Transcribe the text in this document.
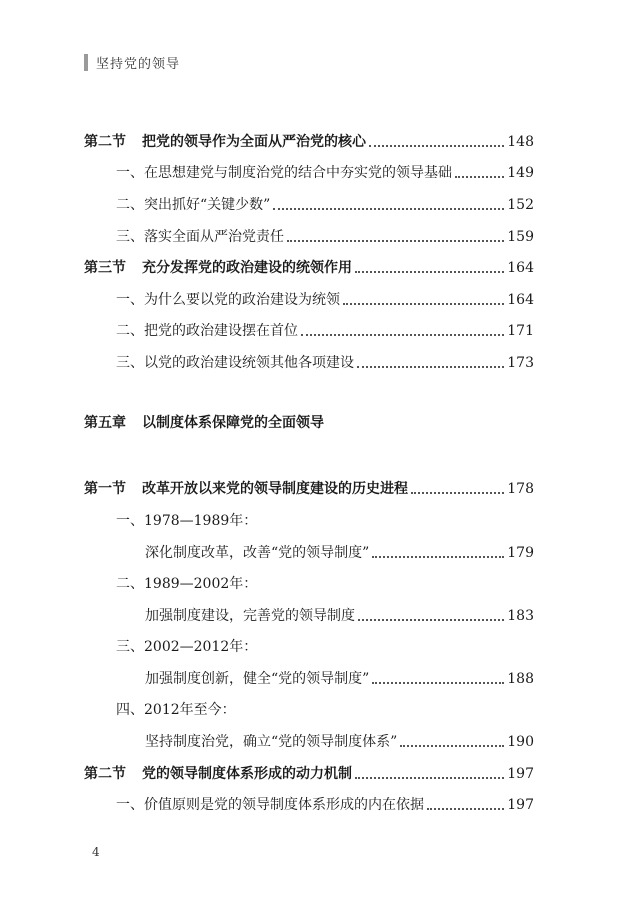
坚持党的领导
第二节	把党的领导作为全面从严治党的核心	148
一、在思想建党与制度治党的结合中夯实党的领导基础	149
二、突出抓好“关键少数”	152
三、落实全面从严治党责任	159
第三节	充分发挥党的政治建设的统领作用	164
一、为什么要以党的政治建设为统领	164
二、把党的政治建设摆在首位	171
三、以党的政治建设统领其他各项建设	173
第五章	以制度体系保障党的全面领导
第一节	改革开放以来党的领导制度建设的历史进程	178
一、1978—1989年：
深化制度改革，改善“党的领导制度”	179
二、1989—2002年：
加强制度建设，完善党的领导制度	183
三、2002—2012年：
加强制度创新，健全“党的领导制度”	188
四、2012年至今：
坚持制度治党，确立“党的领导制度体系”	190
第二节	党的领导制度体系形成的动力机制	197
一、价值原则是党的领导制度体系形成的内在依据	197
4
